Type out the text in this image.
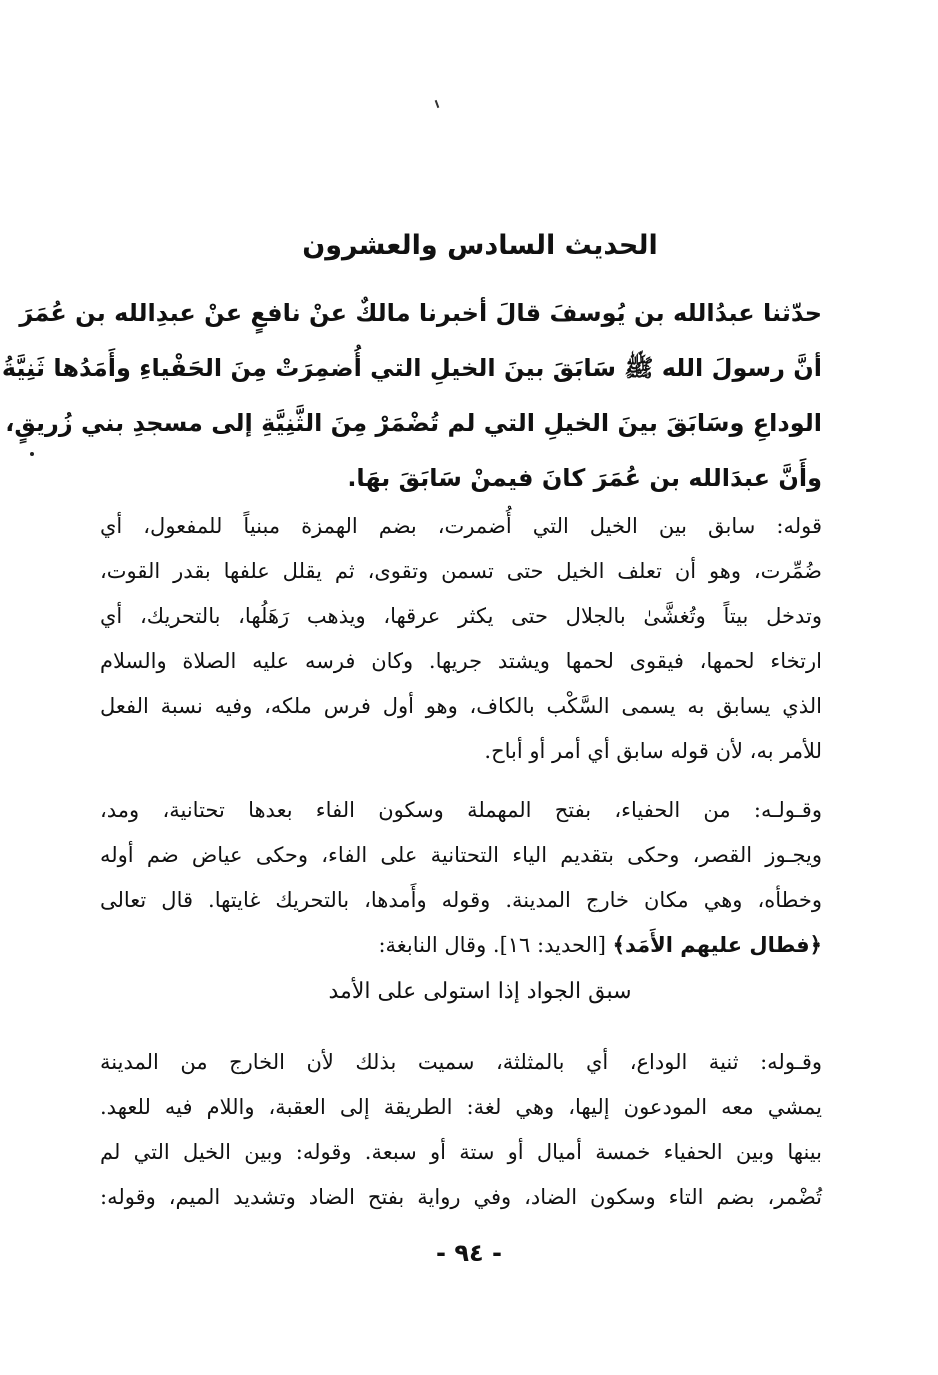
الحديث السادس والعشرون
حدّثنا عبدُالله بن يُوسفَ قالَ أخبرنا مالكٌ عنْ نافعٍ عنْ عبدِالله بن عُمَرَ
أنَّ رسولَ الله ﷺ سَابَقَ بينَ الخيلِ التي أُضمِرَتْ مِنَ الحَفْياءِ وأَمَدُها ثَنِيَّةُ
الوداعِ وسَابَقَ بينَ الخيلِ التي لم تُضْمَرْ مِنَ الثَّنِيَّةِ إلى مسجدِ بني زُريقٍ،
وأَنَّ عبدَالله بن عُمَرَ كانَ فيمنْ سَابَقَ بهَا.
قوله: سابق بين الخيل التي أُضمرت، بضم الهمزة مبنياً للمفعول، أي
ضُمِّرت، وهو أن تعلف الخيل حتى تسمن وتقوى، ثم يقلل علفها بقدر القوت،
وتدخل بيتاً وتُغشَّىٰ بالجلال حتى يكثر عرقها، ويذهب رَهَلُها، بالتحريك، أي
ارتخاء لحمها، فيقوى لحمها ويشتد جريها. وكان فرسه عليه الصلاة والسلام
الذي يسابق به يسمى السَّكْب بالكاف، وهو أول فرس ملكه، وفيه نسبة الفعل
للأمر به، لأن قوله سابق أي أمر أو أباح.
وقـولـه: من الحفياء، بفتح المهملة وسكون الفاء بعدها تحتانية، ومد،
ويجـوز القصر، وحكى بتقديم الياء التحتانية على الفاء، وحكى عياض ضم أوله
وخطأه، وهي مكان خارج المدينة. وقوله وأَمدها، بالتحريك غايتها. قال تعالى
﴿فطال عليهم الأَمَد﴾ [الحديد: ١٦]. وقال النابغة:

سبق الجواد إذا استولى على الأمد

وقـوله: ثنية الوداع، أي بالمثلثة، سميت بذلك لأن الخارج من المدينة
يمشي معه المودعون إليها، وهي لغة: الطريقة إلى العقبة، واللام فيه للعهد.
بينها وبين الحفياء خمسة أميال أو ستة أو سبعة. وقوله: وبين الخيل التي لم
تُضْمر، بضم التاء وسكون الضاد، وفي رواية بفتح الضاد وتشديد الميم، وقوله:
- ٩٤ -
